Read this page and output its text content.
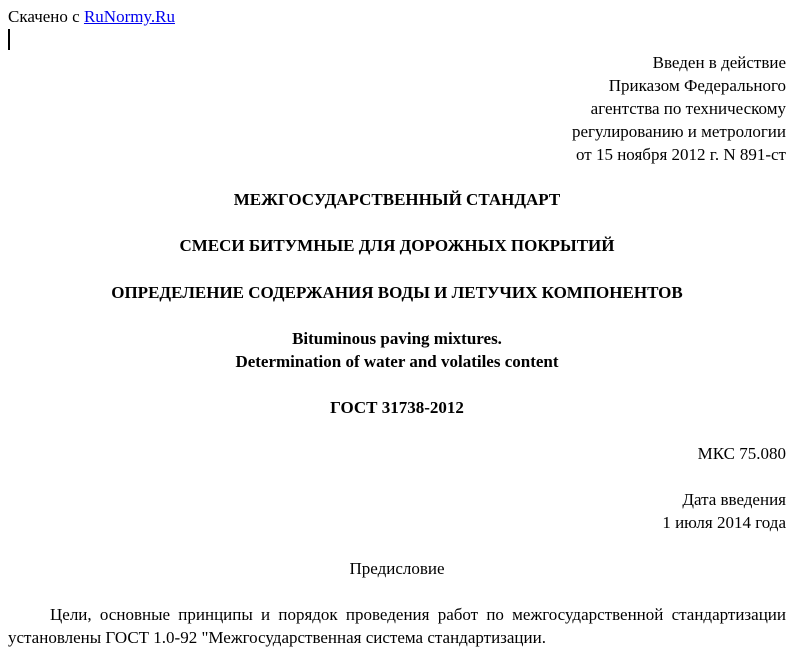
Скачено с RuNormy.Ru
Введен в действие
Приказом Федерального
агентства по техническому
регулированию и метрологии
от 15 ноября 2012 г. N 891-ст
МЕЖГОСУДАРСТВЕННЫЙ СТАНДАРТ
СМЕСИ БИТУМНЫЕ ДЛЯ ДОРОЖНЫХ ПОКРЫТИЙ
ОПРЕДЕЛЕНИЕ СОДЕРЖАНИЯ ВОДЫ И ЛЕТУЧИХ КОМПОНЕНТОВ
Bituminous paving mixtures.
Determination of water and volatiles content
ГОСТ 31738-2012
МКС 75.080
Дата введения
1 июля 2014 года
Предисловие
Цели, основные принципы и порядок проведения работ по межгосударственной стандартизации установлены ГОСТ 1.0-92 "Межгосударственная система стандартизации.
